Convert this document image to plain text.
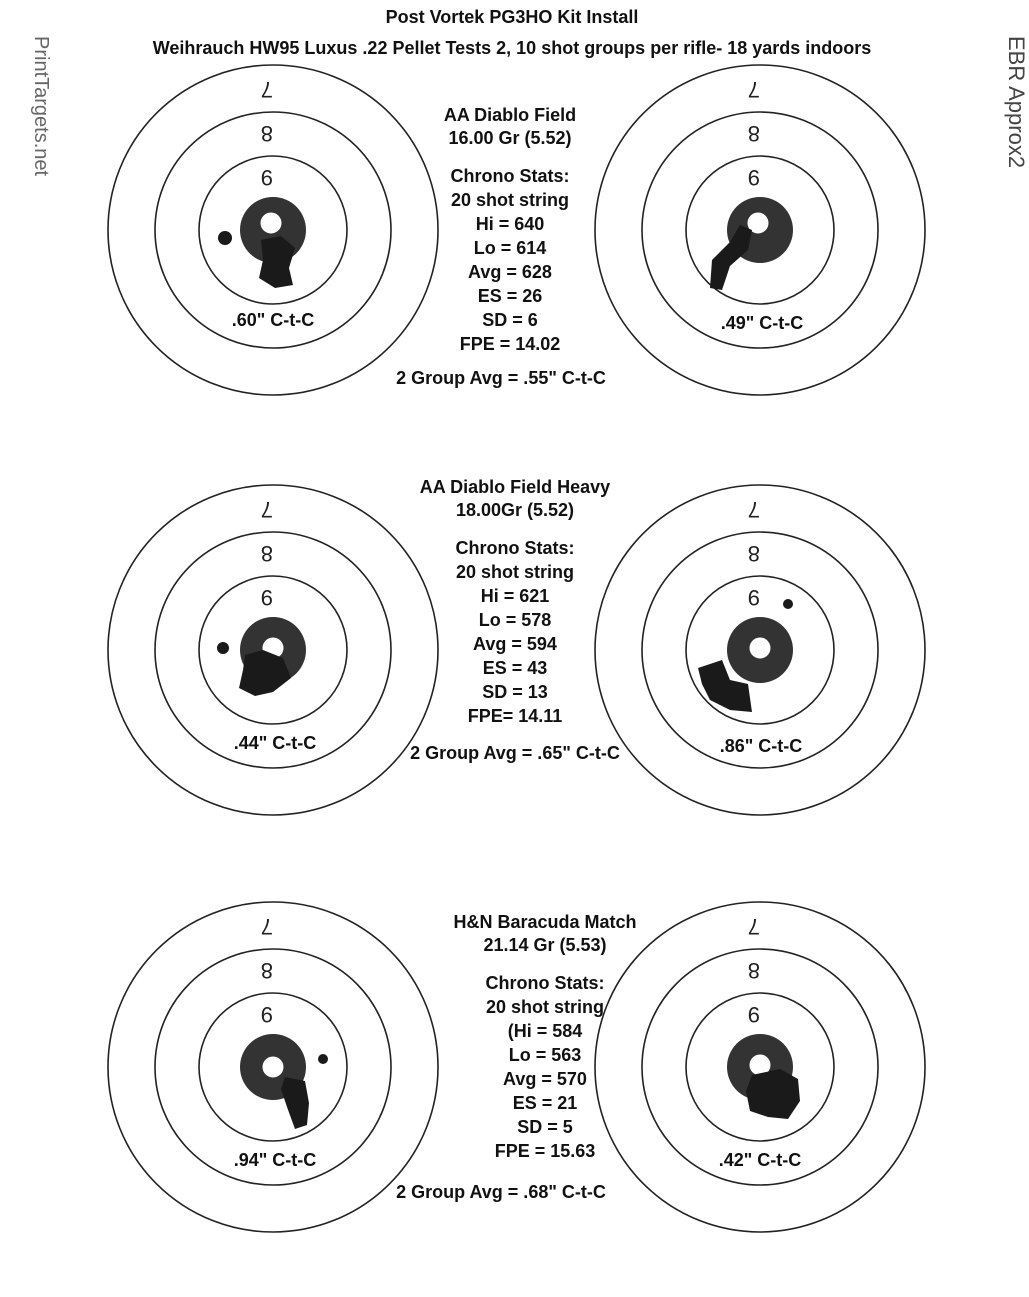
Post Vortek PG3HO Kit Install
Weihrauch HW95 Luxus .22 Pellet Tests 2, 10 shot groups per rifle- 18 yards indoors
PrintTargets.net	EBR Approx2
7
8
9
7
8
9
AA Diablo Field
16.00 Gr (5.52)
Chrono Stats:
20 shot string
Hi = 640
Lo = 614
Avg = 628
ES = 26
SD = 6
FPE = 14.02
2 Group Avg = .55" C-t-C
.60" C-t-C	.49" C-t-C
7
8
9
7
8
9
AA Diablo Field Heavy
18.00Gr (5.52)
Chrono Stats:
20 shot string
Hi = 621
Lo = 578
Avg = 594
ES = 43
SD = 13
FPE= 14.11
2 Group Avg = .65" C-t-C
.44" C-t-C	.86" C-t-C
7
8
9
7
8
9
H&N Baracuda Match
21.14 Gr (5.53)
Chrono Stats:
20 shot string
(Hi = 584
Lo = 563
Avg = 570
ES = 21
SD = 5
FPE = 15.63
2 Group Avg = .68" C-t-C
.94" C-t-C	.42" C-t-C
